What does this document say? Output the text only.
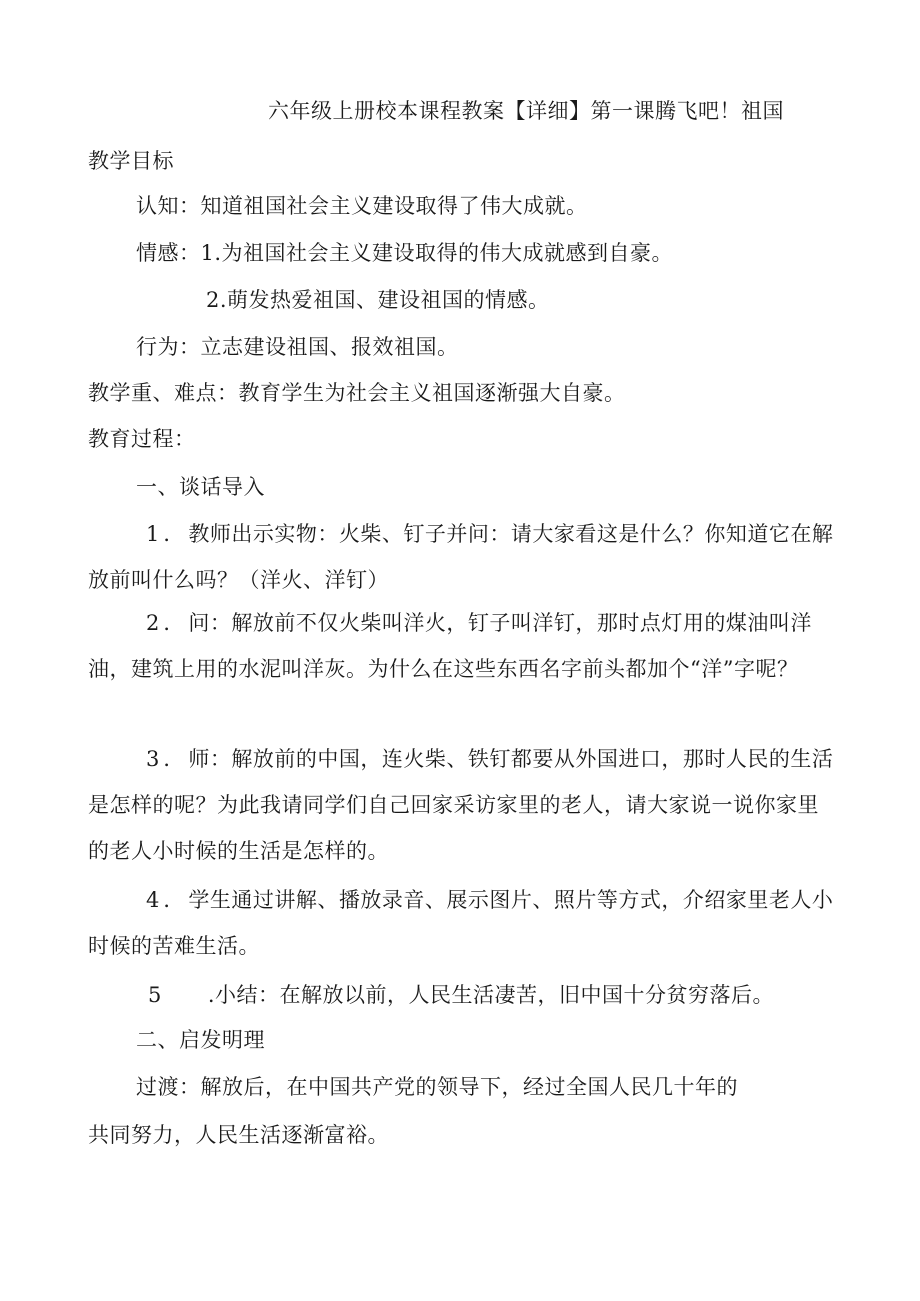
六年级上册校本课程教案【详细】第一课腾飞吧！祖国
教学目标
认知：知道祖国社会主义建设取得了伟大成就。
情感：1.为祖国社会主义建设取得的伟大成就感到自豪。
2.萌发热爱祖国、建设祖国的情感。
行为：立志建设祖国、报效祖国。
教学重、难点：教育学生为社会主义祖国逐渐强大自豪。
教育过程：
一、谈话导入
1．教师出示实物：火柴、钉子并问：请大家看这是什么？你知道它在解放前叫什么吗？（洋火、洋钉）
2．问：解放前不仅火柴叫洋火，钉子叫洋钉，那时点灯用的煤油叫洋油，建筑上用的水泥叫洋灰。为什么在这些东西名字前头都加个“洋”字呢？
3．师：解放前的中国，连火柴、铁钉都要从外国进口，那时人民的生活是怎样的呢？为此我请同学们自己回家采访家里的老人，请大家说一说你家里的老人小时候的生活是怎样的。
4．学生通过讲解、播放录音、展示图片、照片等方式，介绍家里老人小时候的苦难生活。
5 .小结：在解放以前，人民生活凄苦，旧中国十分贫穷落后。
二、启发明理
过渡：解放后，在中国共产党的领导下，经过全国人民几十年的
共同努力，人民生活逐渐富裕。
